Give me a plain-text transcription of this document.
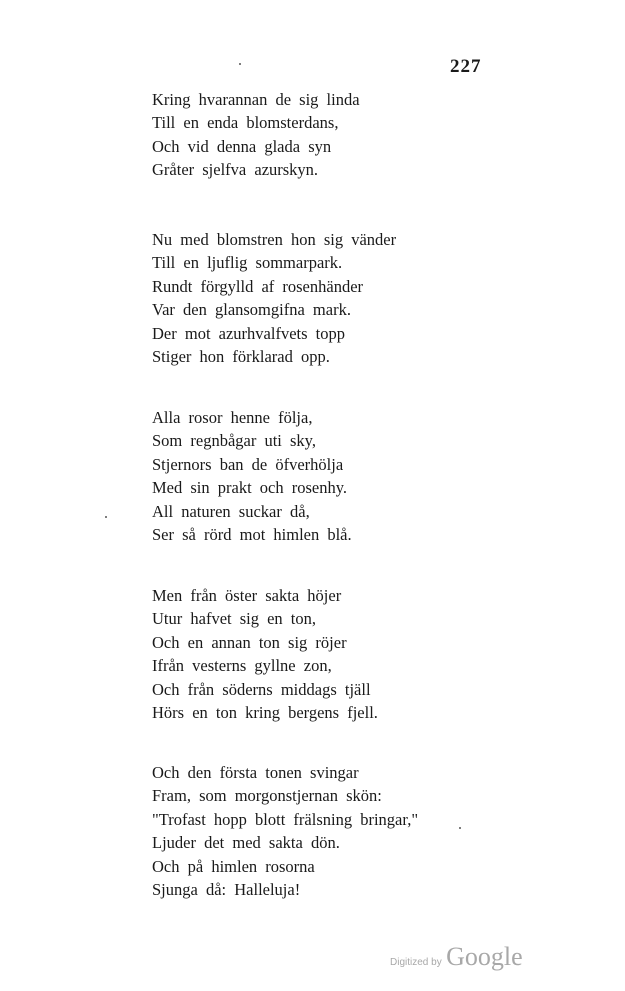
227
Kring hvarannan de sig linda
Till en enda blomsterdans,
Och vid denna glada syn
Gråter sjelfva azurskyn.
Nu med blomstren hon sig vänder
Till en ljuflig sommarpark.
Rundt förgylld af rosenhänder
Var den glansomgifna mark.
Der mot azurhvalfvets topp
Stiger hon förklarad opp.
Alla rosor henne följa,
Som regnbågar uti sky,
Stjernors ban de öfverhölja
Med sin prakt och rosenhy.
All naturen suckar då,
Ser så rörd mot himlen blå.
Men från öster sakta höjer
Utur hafvet sig en ton,
Och en annan ton sig röjer
Ifrån vesterns gyllne zon,
Och från söderns middags tjäll
Hörs en ton kring bergens fjell.
Och den första tonen svingar
Fram, som morgonstjernan skön:
"Trofast hopp blott frälsning bringar,"
Ljuder det med sakta dön.
Och på himlen rosorna
Sjunga då: Halleluja!
Digitized by Google
